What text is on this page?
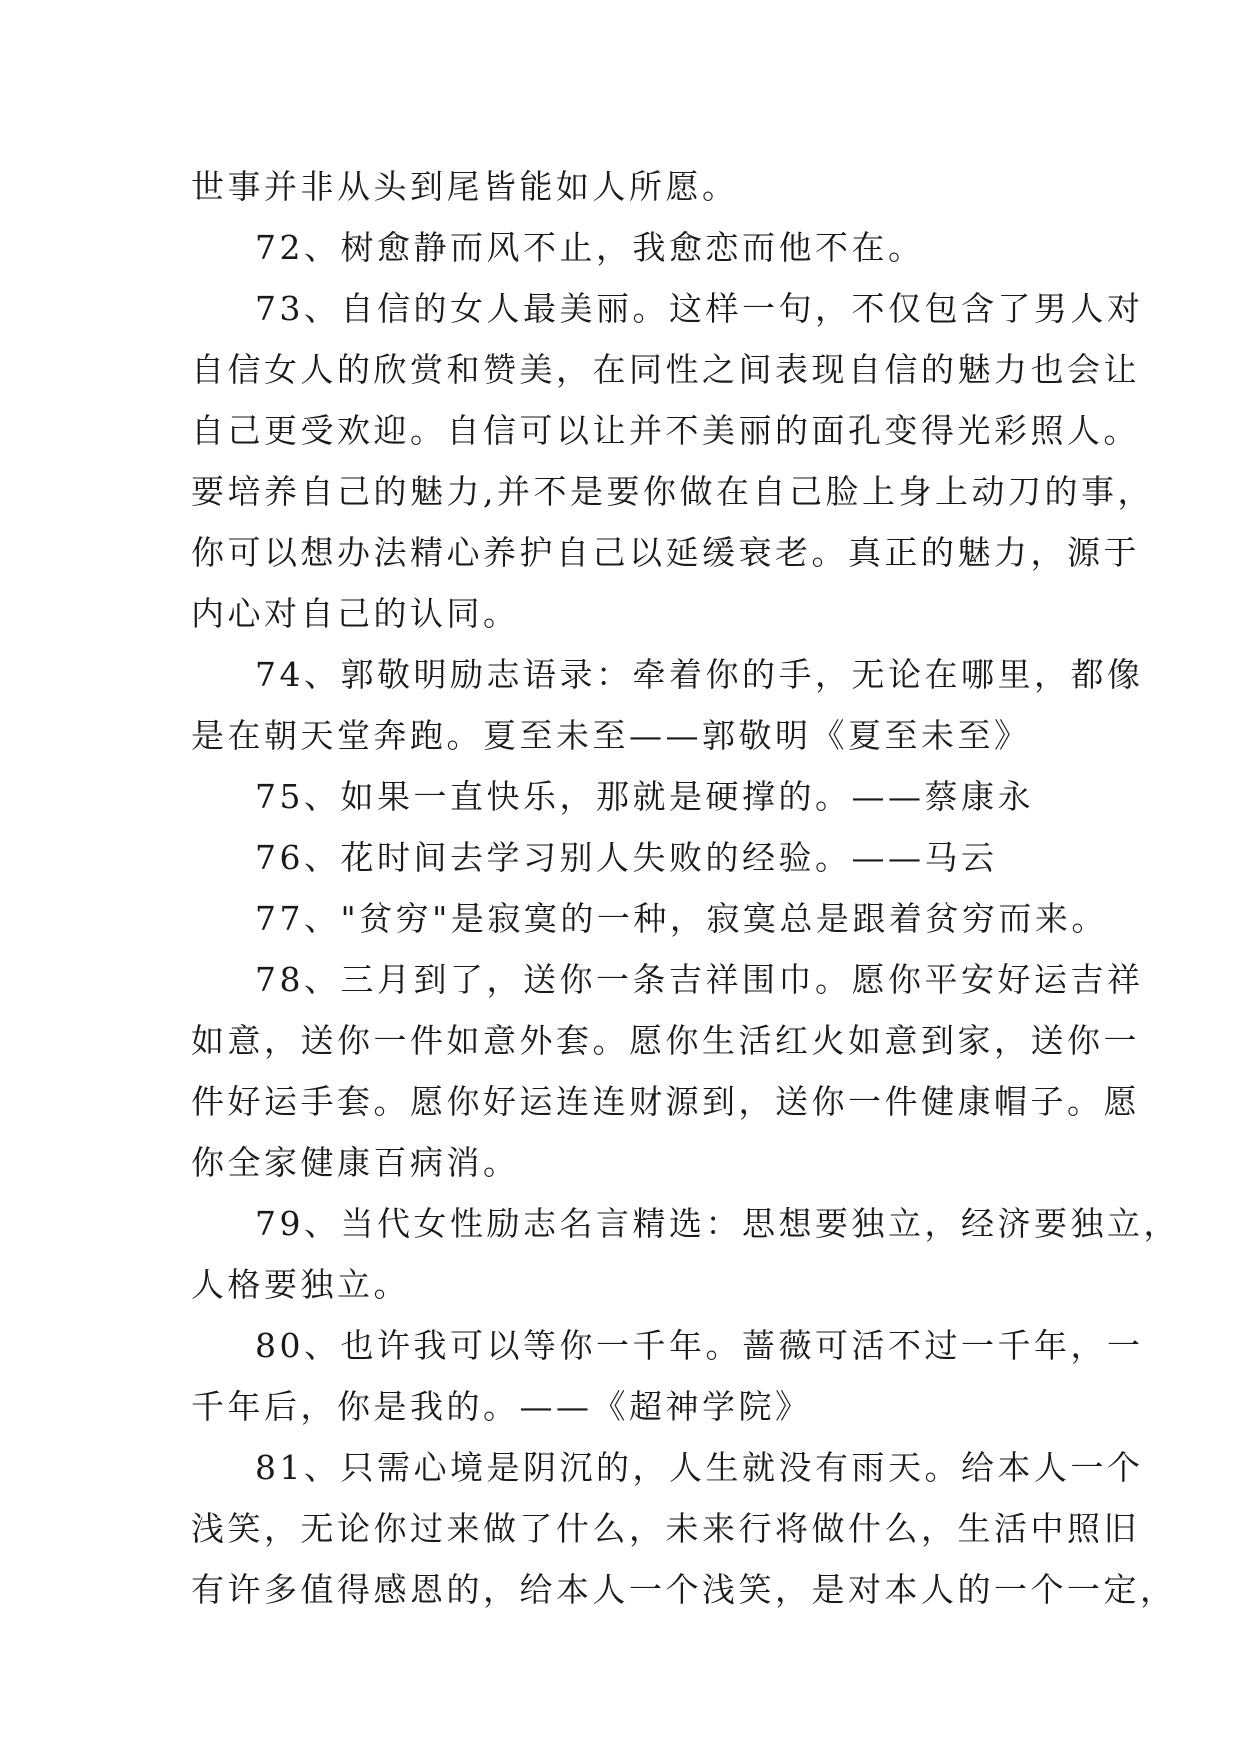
世事并非从头到尾皆能如人所愿。
72、树愈静而风不止，我愈恋而他不在。
73、自信的女人最美丽。这样一句，不仅包含了男人对
自信女人的欣赏和赞美，在同性之间表现自信的魅力也会让
自己更受欢迎。自信可以让并不美丽的面孔变得光彩照人。
要培养自己的魅力,并不是要你做在自己脸上身上动刀的事，
你可以想办法精心养护自己以延缓衰老。真正的魅力，源于
内心对自己的认同。
74、郭敬明励志语录：牵着你的手，无论在哪里，都像
是在朝天堂奔跑。夏至未至——郭敬明《夏至未至》
75、如果一直快乐，那就是硬撑的。——蔡康永
76、花时间去学习别人失败的经验。——马云
77、"贫穷"是寂寞的一种，寂寞总是跟着贫穷而来。
78、三月到了，送你一条吉祥围巾。愿你平安好运吉祥
如意，送你一件如意外套。愿你生活红火如意到家，送你一
件好运手套。愿你好运连连财源到，送你一件健康帽子。愿
你全家健康百病消。
79、当代女性励志名言精选：思想要独立，经济要独立，
人格要独立。
80、也许我可以等你一千年。蔷薇可活不过一千年，一
千年后，你是我的。——《超神学院》
81、只需心境是阴沉的，人生就没有雨天。给本人一个
浅笑，无论你过来做了什么，未来行将做什么，生活中照旧
有许多值得感恩的，给本人一个浅笑，是对本人的一个一定，
